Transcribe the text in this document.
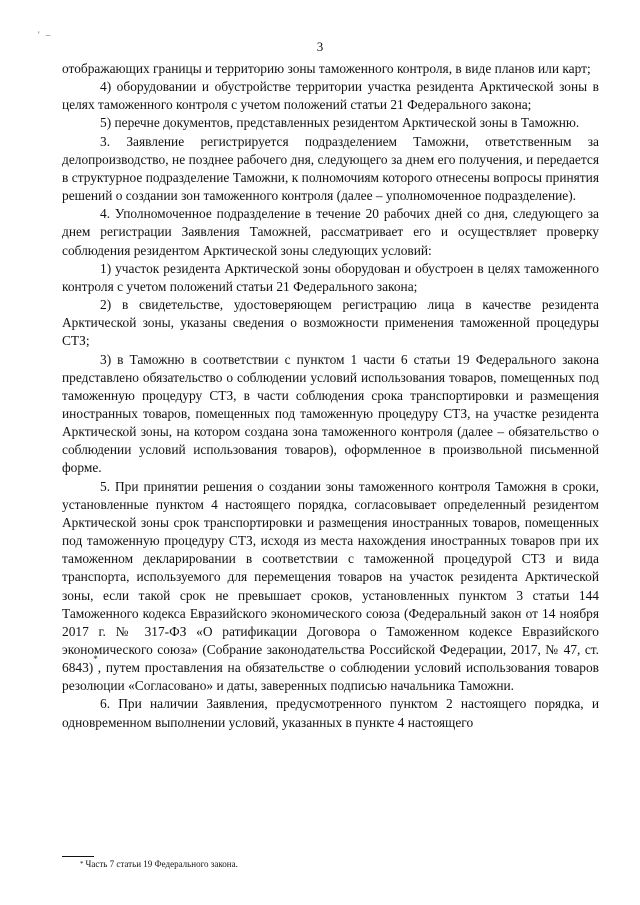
' –
3

отображающих границы и территорию зоны таможенного контроля, в виде планов или карт;

4) оборудовании и обустройстве территории участка резидента Арктической зоны в целях таможенного контроля с учетом положений статьи 21 Федерального закона;

5) перечне документов, представленных резидентом Арктической зоны в Таможню.

3. Заявление регистрируется подразделением Таможни, ответственным за делопроизводство, не позднее рабочего дня, следующего за днем его получения, и передается в структурное подразделение Таможни, к полномочиям которого отнесены вопросы принятия решений о создании зон таможенного контроля (далее – уполномоченное подразделение).

4. Уполномоченное подразделение в течение 20 рабочих дней со дня, следующего за днем регистрации Заявления Таможней, рассматривает его и осуществляет проверку соблюдения резидентом Арктической зоны следующих условий:

1) участок резидента Арктической зоны оборудован и обустроен в целях таможенного контроля с учетом положений статьи 21 Федерального закона;

2) в свидетельстве, удостоверяющем регистрацию лица в качестве резидента Арктической зоны, указаны сведения о возможности применения таможенной процедуры СТЗ;

3) в Таможню в соответствии с пунктом 1 части 6 статьи 19 Федерального закона представлено обязательство о соблюдении условий использования товаров, помещенных под таможенную процедуру СТЗ, в части соблюдения срока транспортировки и размещения иностранных товаров, помещенных под таможенную процедуру СТЗ, на участке резидента Арктической зоны, на котором создана зона таможенного контроля (далее – обязательство о соблюдении условий использования товаров), оформленное в произвольной письменной форме.

5. При принятии решения о создании зоны таможенного контроля Таможня в сроки, установленные пунктом 4 настоящего порядка, согласовывает определенный резидентом Арктической зоны срок транспортировки и размещения иностранных товаров, помещенных под таможенную процедуру СТЗ, исходя из места нахождения иностранных товаров при их таможенном декларировании в соответствии с таможенной процедурой СТЗ и вида транспорта, используемого для перемещения товаров на участок резидента Арктической зоны, если такой срок не превышает сроков, установленных пунктом 3 статьи 144 Таможенного кодекса Евразийского экономического союза (Федеральный закон от 14 ноября 2017 г. № 317-ФЗ «О ратификации Договора о Таможенном кодексе Евразийского экономического союза» (Собрание законодательства Российской Федерации, 2017, № 47, ст. 6843)*, путем проставления на обязательстве о соблюдении условий использования товаров резолюции «Согласовано» и даты, заверенных подписью начальника Таможни.

6. При наличии Заявления, предусмотренного пунктом 2 настоящего порядка, и одновременном выполнении условий, указанных в пункте 4 настоящего

* Часть 7 статьи 19 Федерального закона.
